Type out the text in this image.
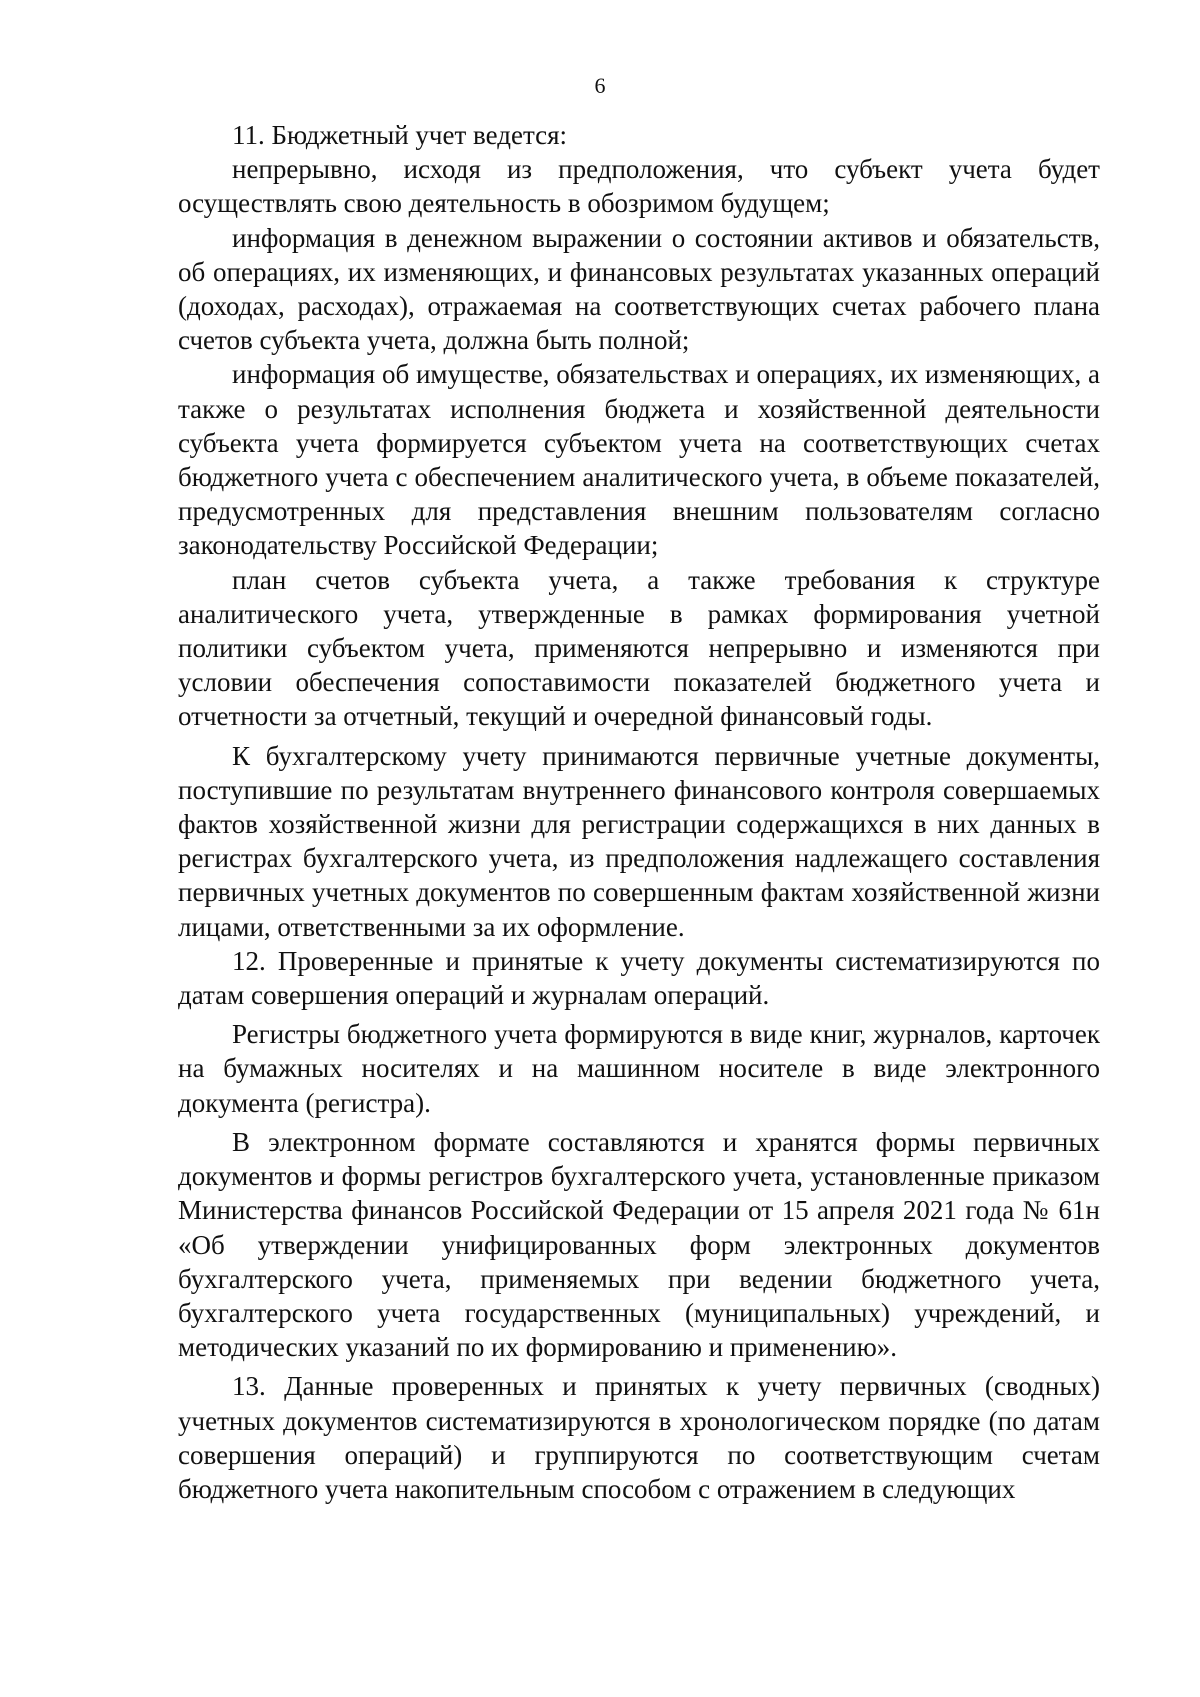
6

11. Бюджетный учет ведется:

непрерывно, исходя из предположения, что субъект учета будет осуществлять свою деятельность в обозримом будущем;

информация в денежном выражении о состоянии активов и обязательств, об операциях, их изменяющих, и финансовых результатах указанных операций (доходах, расходах), отражаемая на соответствующих счетах рабочего плана счетов субъекта учета, должна быть полной;

информация об имуществе, обязательствах и операциях, их изменяющих, а также о результатах исполнения бюджета и хозяйственной деятельности субъекта учета формируется субъектом учета на соответствующих счетах бюджетного учета с обеспечением аналитического учета, в объеме показателей, предусмотренных для представления внешним пользователям согласно законодательству Российской Федерации;

план счетов субъекта учета, а также требования к структуре аналитического учета, утвержденные в рамках формирования учетной политики субъектом учета, применяются непрерывно и изменяются при условии обеспечения сопоставимости показателей бюджетного учета и отчетности за отчетный, текущий и очередной финансовый годы.

К бухгалтерскому учету принимаются первичные учетные документы, поступившие по результатам внутреннего финансового контроля совершаемых фактов хозяйственной жизни для регистрации содержащихся в них данных в регистрах бухгалтерского учета, из предположения надлежащего составления первичных учетных документов по совершенным фактам хозяйственной жизни лицами, ответственными за их оформление.

12. Проверенные и принятые к учету документы систематизируются по датам совершения операций и журналам операций.

Регистры бюджетного учета формируются в виде книг, журналов, карточек на бумажных носителях и на машинном носителе в виде электронного документа (регистра).

В электронном формате составляются и хранятся формы первичных документов и формы регистров бухгалтерского учета, установленные приказом Министерства финансов Российской Федерации от 15 апреля 2021 года № 61н «Об утверждении унифицированных форм электронных документов бухгалтерского учета, применяемых при ведении бюджетного учета, бухгалтерского учета государственных (муниципальных) учреждений, и методических указаний по их формированию и применению».

13. Данные проверенных и принятых к учету первичных (сводных) учетных документов систематизируются в хронологическом порядке (по датам совершения операций) и группируются по соответствующим счетам бюджетного учета накопительным способом с отражением в следующих
